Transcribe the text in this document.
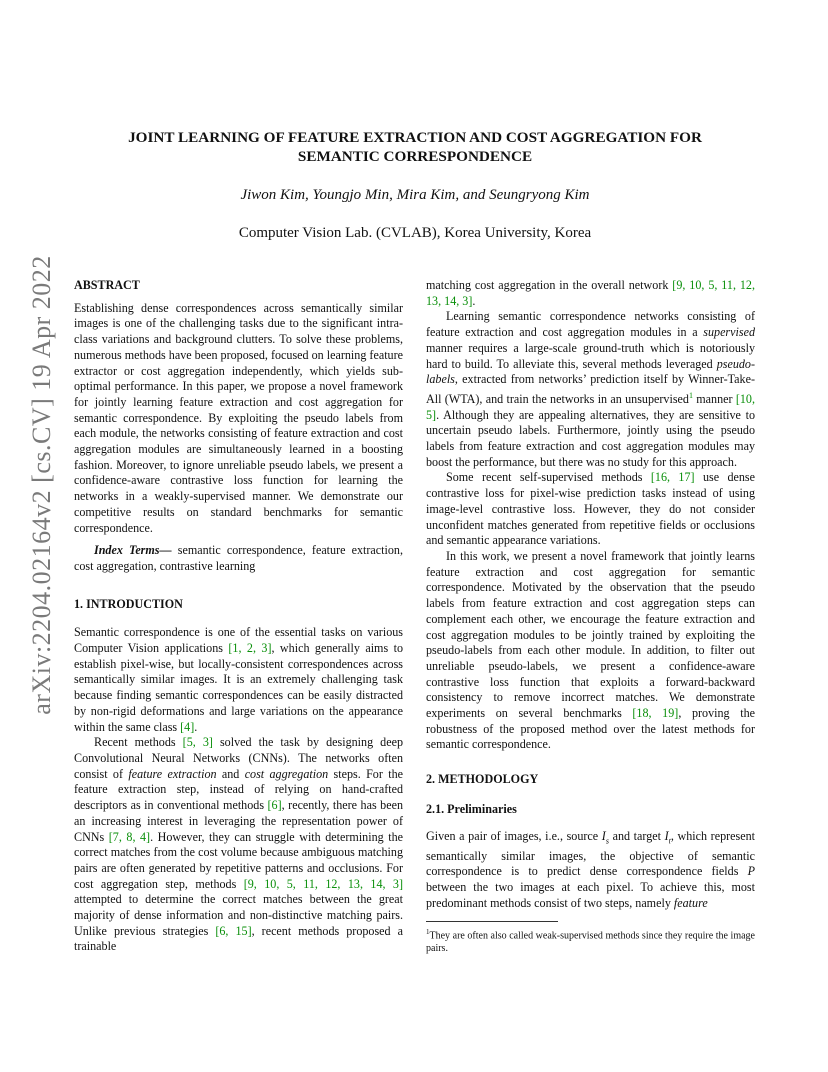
arXiv:2204.02164v2 [cs.CV] 19 Apr 2022
JOINT LEARNING OF FEATURE EXTRACTION AND COST AGGREGATION FOR
SEMANTIC CORRESPONDENCE

Jiwon Kim, Youngjo Min, Mira Kim, and Seungryong Kim

Computer Vision Lab. (CVLAB), Korea University, Korea

ABSTRACT

Establishing dense correspondences across semantically similar images is one of the challenging tasks due to the significant intra-class variations and background clutters. To solve these problems, numerous methods have been proposed, focused on learning feature extractor or cost aggregation independently, which yields sub-optimal performance. In this paper, we propose a novel framework for jointly learning feature extraction and cost aggregation for semantic correspondence. By exploiting the pseudo labels from each module, the networks consisting of feature extraction and cost aggregation modules are simultaneously learned in a boosting fashion. Moreover, to ignore unreliable pseudo labels, we present a confidence-aware contrastive loss function for learning the networks in a weakly-supervised manner. We demonstrate our competitive results on standard benchmarks for semantic correspondence.

Index Terms— semantic correspondence, feature extraction, cost aggregation, contrastive learning

1. INTRODUCTION

Semantic correspondence is one of the essential tasks on various Computer Vision applications [1, 2, 3], which generally aims to establish pixel-wise, but locally-consistent correspondences across semantically similar images. It is an extremely challenging task because finding semantic correspondences can be easily distracted by non-rigid deformations and large variations on the appearance within the same class [4].

Recent methods [5, 3] solved the task by designing deep Convolutional Neural Networks (CNNs). The networks often consist of feature extraction and cost aggregation steps. For the feature extraction step, instead of relying on hand-crafted descriptors as in conventional methods [6], recently, there has been an increasing interest in leveraging the representation power of CNNs [7, 8, 4]. However, they can struggle with determining the correct matches from the cost volume because ambiguous matching pairs are often generated by repetitive patterns and occlusions. For cost aggregation step, methods [9, 10, 5, 11, 12, 13, 14, 3] attempted to determine the correct matches between the great majority of dense information and non-distinctive matching pairs. Unlike previous strategies [6, 15], recent methods proposed a trainable

matching cost aggregation in the overall network [9, 10, 5, 11, 12, 13, 14, 3].

Learning semantic correspondence networks consisting of feature extraction and cost aggregation modules in a supervised manner requires a large-scale ground-truth which is notoriously hard to build. To alleviate this, several methods leveraged pseudo-labels, extracted from networks’ prediction itself by Winner-Take-All (WTA), and train the networks in an unsupervised$^1$ manner [10, 5]. Although they are appealing alternatives, they are sensitive to uncertain pseudo labels. Furthermore, jointly using the pseudo labels from feature extraction and cost aggregation modules may boost the performance, but there was no study for this approach.

Some recent self-supervised methods [16, 17] use dense contrastive loss for pixel-wise prediction tasks instead of using image-level contrastive loss. However, they do not consider unconfident matches generated from repetitive fields or occlusions and semantic appearance variations.

In this work, we present a novel framework that jointly learns feature extraction and cost aggregation for semantic correspondence. Motivated by the observation that the pseudo labels from feature extraction and cost aggregation steps can complement each other, we encourage the feature extraction and cost aggregation modules to be jointly trained by exploiting the pseudo-labels from each other module. In addition, to filter out unreliable pseudo-labels, we present a confidence-aware contrastive loss function that exploits a forward-backward consistency to remove incorrect matches. We demonstrate experiments on several benchmarks [18, 19], proving the robustness of the proposed method over the latest methods for semantic correspondence.

2. METHODOLOGY

2.1. Preliminaries

Given a pair of images, i.e., source $I_s$ and target $I_t$, which represent semantically similar images, the objective of semantic correspondence is to predict dense correspondence fields P between the two images at each pixel. To achieve this, most predominant methods consist of two steps, namely feature

$^1$They are often also called weak-supervised methods since they require the image pairs.
